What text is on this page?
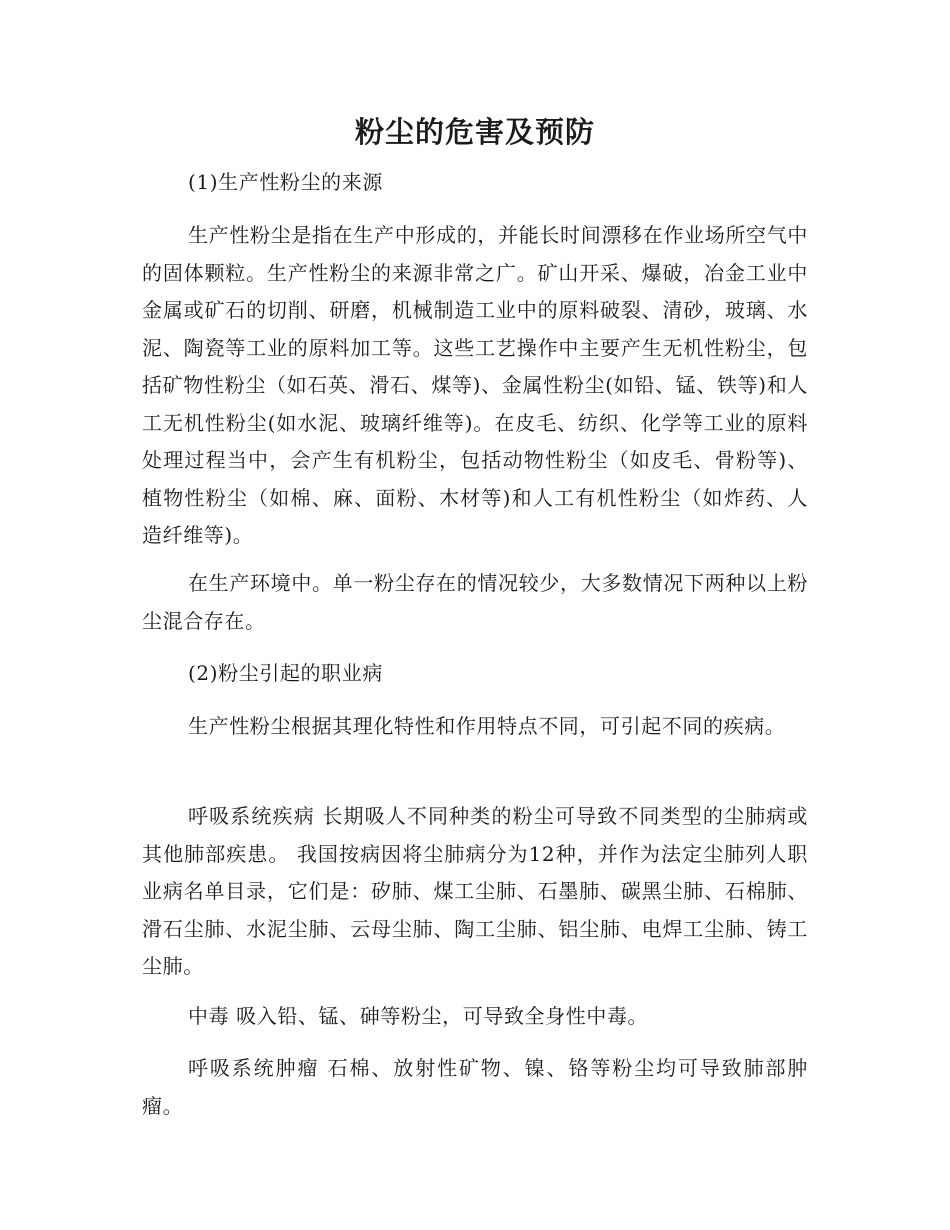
粉尘的危害及预防

(1)生产性粉尘的来源

生产性粉尘是指在生产中形成的，并能长时间漂移在作业场所空气中的固体颗粒。生产性粉尘的来源非常之广。矿山开采、爆破，冶金工业中金属或矿石的切削、研磨，机械制造工业中的原料破裂、清砂，玻璃、水泥、陶瓷等工业的原料加工等。这些工艺操作中主要产生无机性粉尘，包括矿物性粉尘（如石英、滑石、煤等)、金属性粉尘(如铅、锰、铁等)和人工无机性粉尘(如水泥、玻璃纤维等)。在皮毛、纺织、化学等工业的原料处理过程当中，会产生有机粉尘，包括动物性粉尘（如皮毛、骨粉等)、植物性粉尘（如棉、麻、面粉、木材等)和人工有机性粉尘（如炸药、人造纤维等)。

在生产环境中。单一粉尘存在的情况较少，大多数情况下两种以上粉尘混合存在。

(2)粉尘引起的职业病

生产性粉尘根据其理化特性和作用特点不同，可引起不同的疾病。

呼吸系统疾病 长期吸人不同种类的粉尘可导致不同类型的尘肺病或其他肺部疾患。 我国按病因将尘肺病分为12种，并作为法定尘肺列人职业病名单目录，它们是：矽肺、煤工尘肺、石墨肺、碳黑尘肺、石棉肺、滑石尘肺、水泥尘肺、云母尘肺、陶工尘肺、铝尘肺、电焊工尘肺、铸工尘肺。

中毒 吸入铅、锰、砷等粉尘，可导致全身性中毒。

呼吸系统肿瘤 石棉、放射性矿物、镍、铬等粉尘均可导致肺部肿瘤。
